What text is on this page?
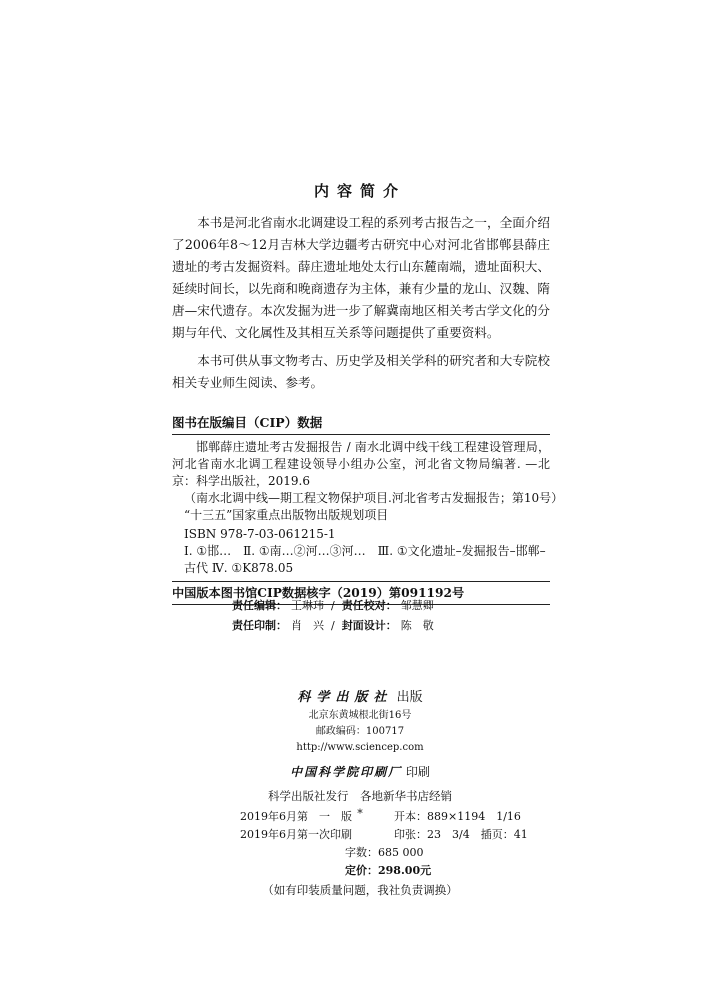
内容简介

本书是河北省南水北调建设工程的系列考古报告之一，全面介绍了2006年8～12月吉林大学边疆考古研究中心对河北省邯郸县薛庄遗址的考古发掘资料。薛庄遗址地处太行山东麓南端，遗址面积大、延续时间长，以先商和晚商遗存为主体，兼有少量的龙山、汉魏、隋唐—宋代遗存。本次发掘为进一步了解冀南地区相关考古学文化的分期与年代、文化属性及其相互关系等问题提供了重要资料。

本书可供从事文物考古、历史学及相关学科的研究者和大专院校相关专业师生阅读、参考。

图书在版编目（CIP）数据

邯郸薛庄遗址考古发掘报告 / 南水北调中线干线工程建设管理局，河北省南水北调工程建设领导小组办公室，河北省文物局编著. —北京：科学出版社，2019.6

（南水北调中线—期工程文物保护项目.河北省考古发掘报告；第10号）

“十三五”国家重点出版物出版规划项目

ISBN 978-7-03-061215-1

Ⅰ. ①邯…　Ⅱ. ①南…②河…③河…　Ⅲ. ①文化遗址–发掘报告–邯郸–古代 Ⅳ. ①K878.05

中国版本图书馆CIP数据核字（2019）第091192号
责任编辑： 王琳玮 / 责任校对： 邹慧卿
责任印制： 肖　兴 / 封面设计： 陈　敬
科学出版社 出版
北京东黄城根北街16号
邮政编码：100717
http://www.sciencep.com
中国科学院印刷厂 印刷
科学出版社发行　各地新华书店经销
*
2019年6月第　一　版	开本：889×1194　1/16
2019年6月第一次印刷	印张：23　3/4　插页：41
字数：685 000
定价： 298.00元
（如有印装质量问题，我社负责调换）
